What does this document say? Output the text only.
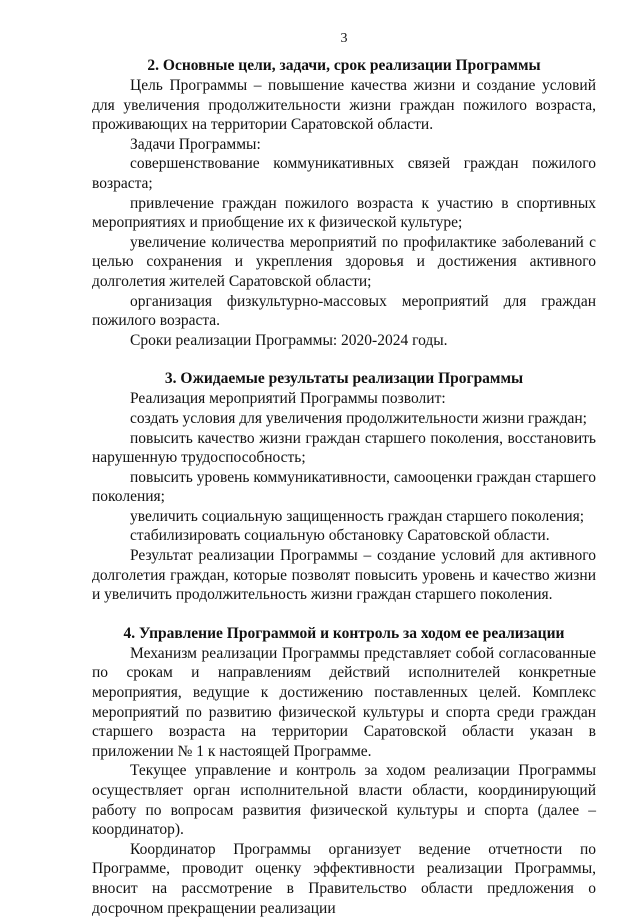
3
2. Основные цели, задачи, срок реализации Программы

Цель Программы – повышение качества жизни и создание условий для увеличения продолжительности жизни граждан пожилого возраста, проживающих на территории Саратовской области.

Задачи Программы:

совершенствование коммуникативных связей граждан пожилого возраста;

привлечение граждан пожилого возраста к участию в спортивных мероприятиях и приобщение их к физической культуре;

увеличение количества мероприятий по профилактике заболеваний с целью сохранения и укрепления здоровья и достижения активного долголетия жителей Саратовской области;

организация физкультурно-массовых мероприятий для граждан пожилого возраста.

Сроки реализации Программы: 2020-2024 годы.

3. Ожидаемые результаты реализации Программы

Реализация мероприятий Программы позволит:

создать условия для увеличения продолжительности жизни граждан;

повысить качество жизни граждан старшего поколения, восстановить нарушенную трудоспособность;

повысить уровень коммуникативности, самооценки граждан старшего поколения;

увеличить социальную защищенность граждан старшего поколения;

стабилизировать социальную обстановку Саратовской области.

Результат реализации Программы – создание условий для активного долголетия граждан, которые позволят повысить уровень и качество жизни и увеличить продолжительность жизни граждан старшего поколения.

4. Управление Программой и контроль за ходом ее реализации

Механизм реализации Программы представляет собой согласованные по срокам и направлениям действий исполнителей конкретные мероприятия, ведущие к достижению поставленных целей. Комплекс мероприятий по развитию физической культуры и спорта среди граждан старшего возраста на территории Саратовской области указан в приложении № 1 к настоящей Программе.

Текущее управление и контроль за ходом реализации Программы осуществляет орган исполнительной власти области, координирующий работу по вопросам развития физической культуры и спорта (далее – координатор).

Координатор Программы организует ведение отчетности по Программе, проводит оценку эффективности реализации Программы, вносит на рассмотрение в Правительство области предложения о досрочном прекращении реализации
